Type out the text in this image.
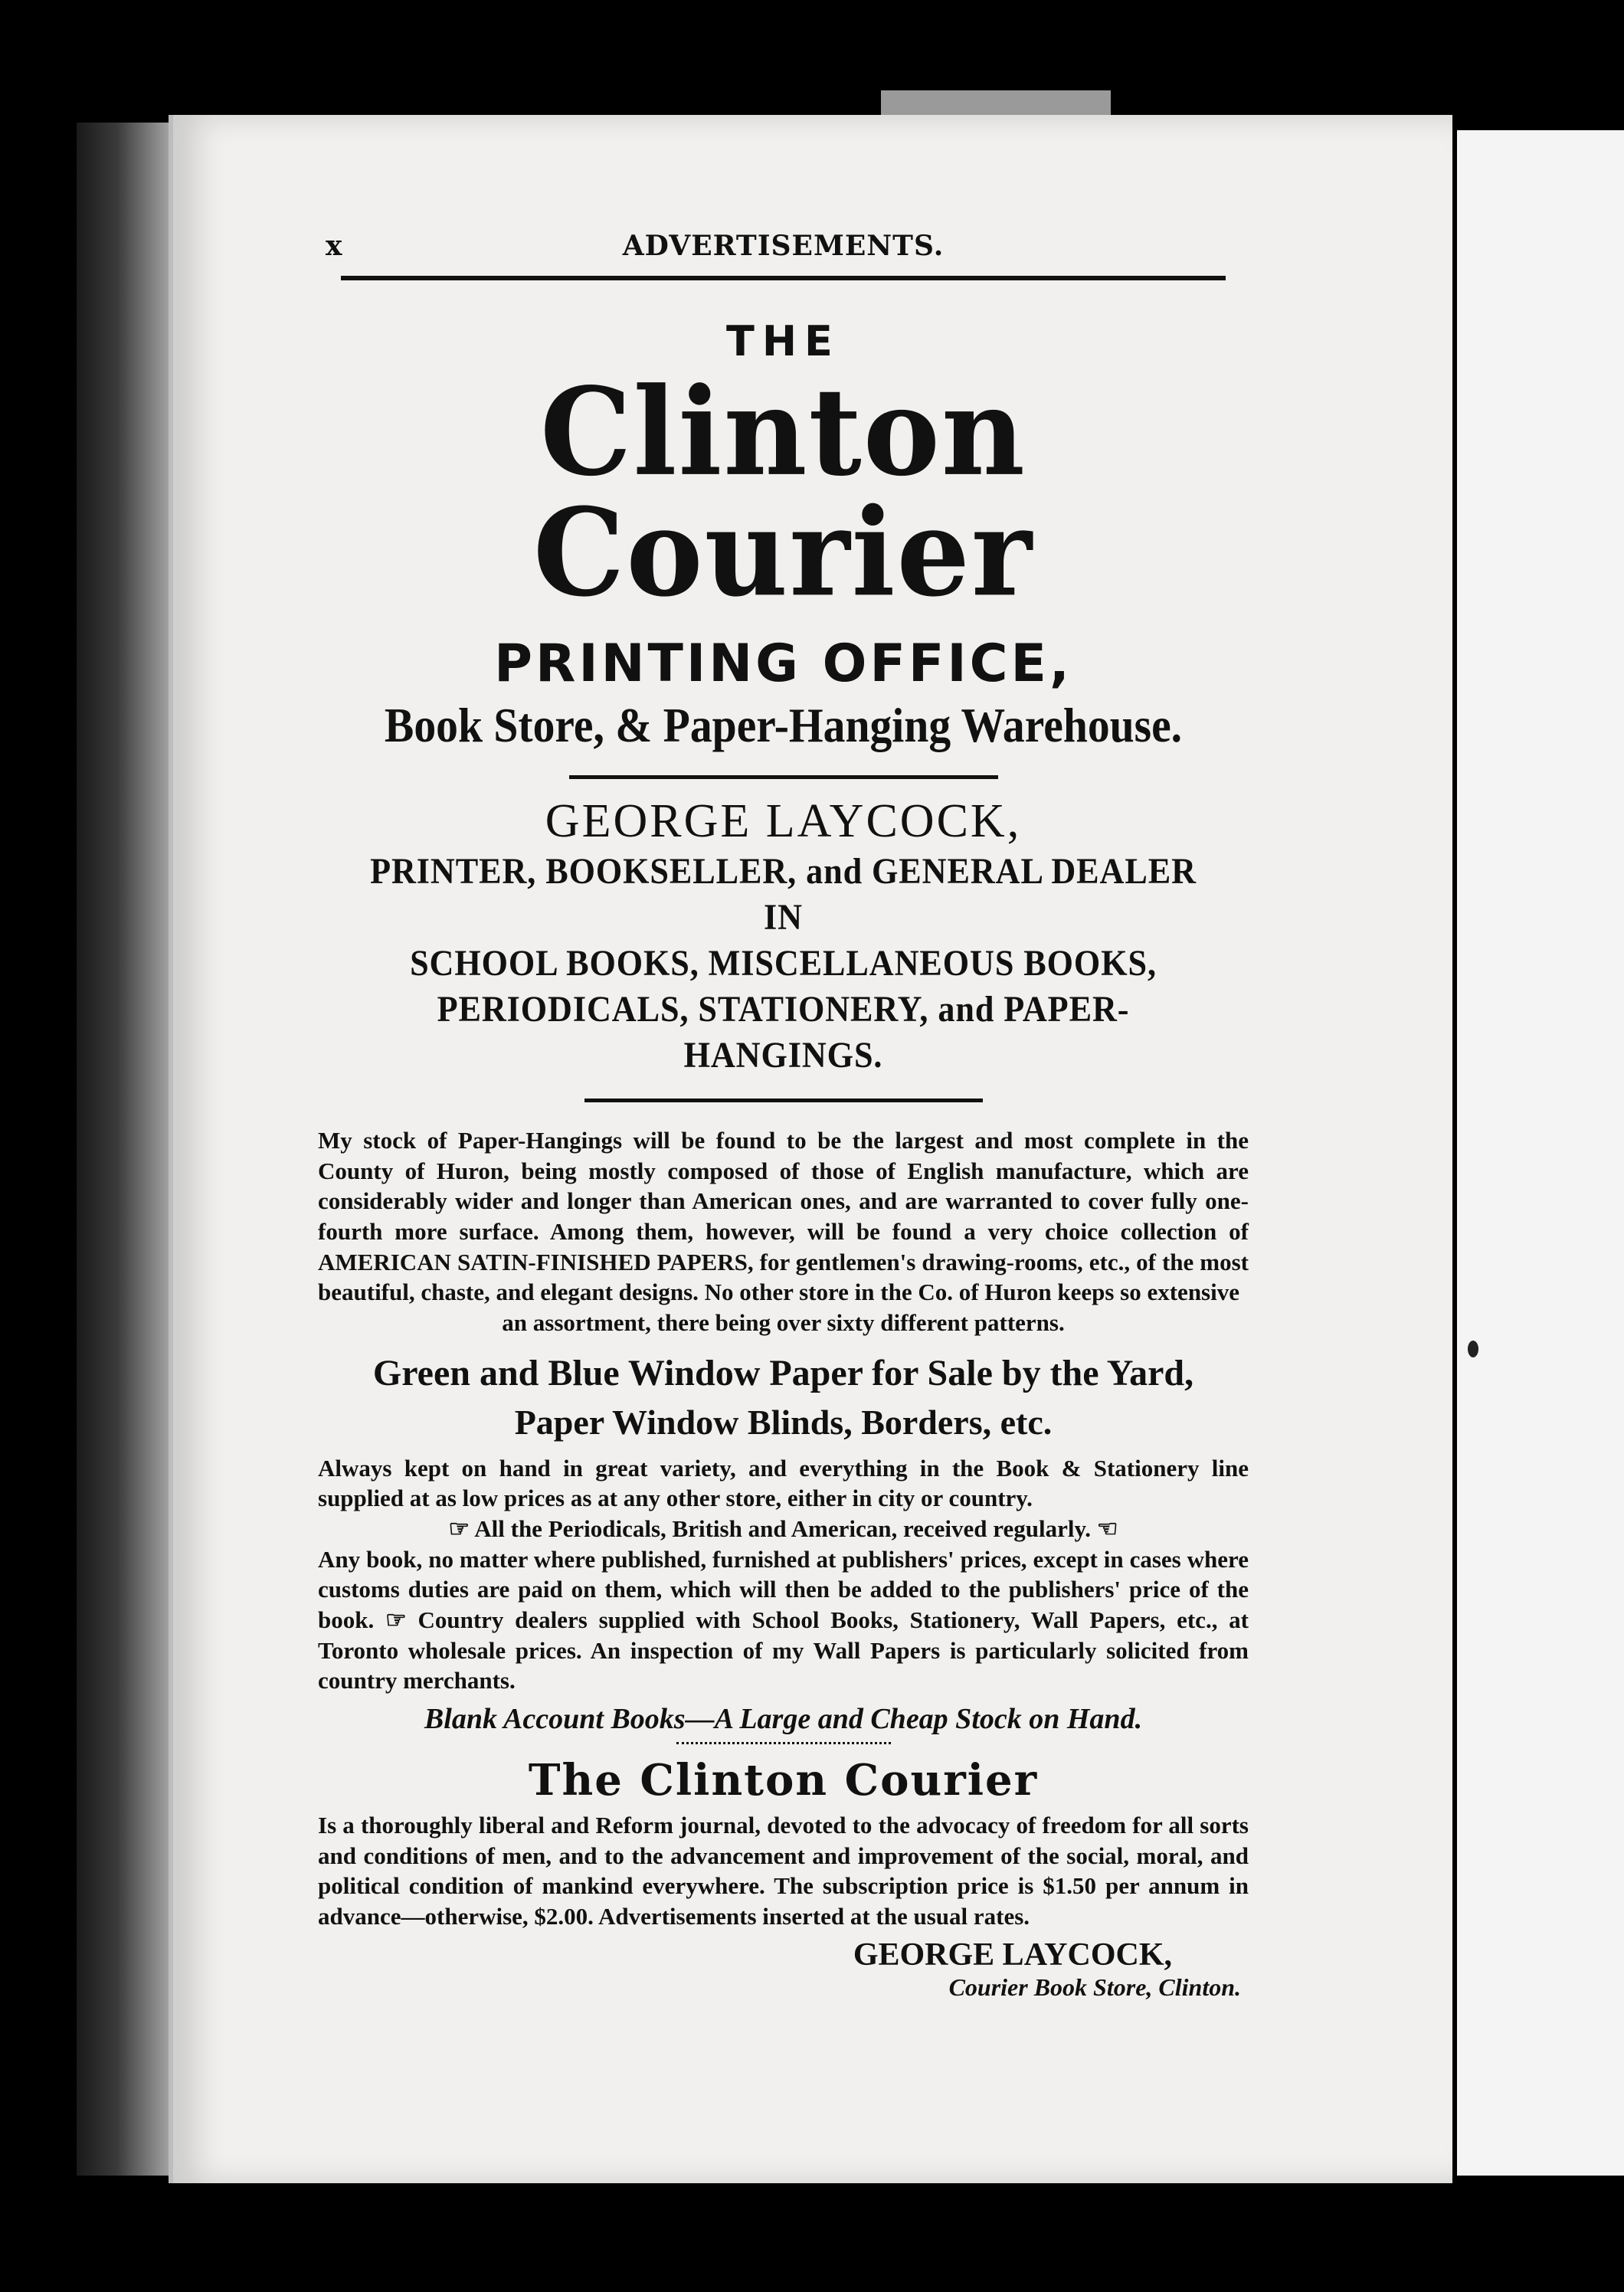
x	ADVERTISEMENTS.
THE
Clinton Courier
PRINTING OFFICE,
Book Store, & Paper-Hanging Warehouse.
GEORGE LAYCOCK,
PRINTER, BOOKSELLER, and GENERAL DEALER IN
SCHOOL BOOKS, MISCELLANEOUS BOOKS,
PERIODICALS, STATIONERY, and PAPER-HANGINGS.

My stock of Paper-Hangings will be found to be the largest and most complete in the County of Huron, being mostly composed of those of English manufacture, which are considerably wider and longer than American ones, and are warranted to cover fully one-fourth more surface. Among them, however, will be found a very choice collection of AMERICAN SATIN-FINISHED PAPERS, for gentlemen's drawing-rooms, etc., of the most beautiful, chaste, and elegant designs. No other store in the Co. of Huron keeps so extensive
an assortment, there being over sixty different patterns.

Green and Blue Window Paper for Sale by the Yard,
Paper Window Blinds, Borders, etc.

Always kept on hand in great variety, and everything in the Book & Stationery line supplied at as low prices as at any other store, either in city or country.
☞ All the Periodicals, British and American, received regularly. ☜
Any book, no matter where published, furnished at publishers' prices, except in cases where customs duties are paid on them, which will then be added to the publishers' price of the book. ☞ Country dealers supplied with School Books, Stationery, Wall Papers, etc., at Toronto wholesale prices. An inspection of my Wall Papers is particularly solicited from country merchants.

Blank Account Books—A Large and Cheap Stock on Hand.
The Clinton Courier

Is a thoroughly liberal and Reform journal, devoted to the advocacy of freedom for all sorts and conditions of men, and to the advancement and improvement of the social, moral, and political condition of mankind everywhere. The subscription price is $1.50 per annum in advance—otherwise, $2.00. Advertisements inserted at the usual rates.

GEORGE LAYCOCK,
Courier Book Store, Clinton.
